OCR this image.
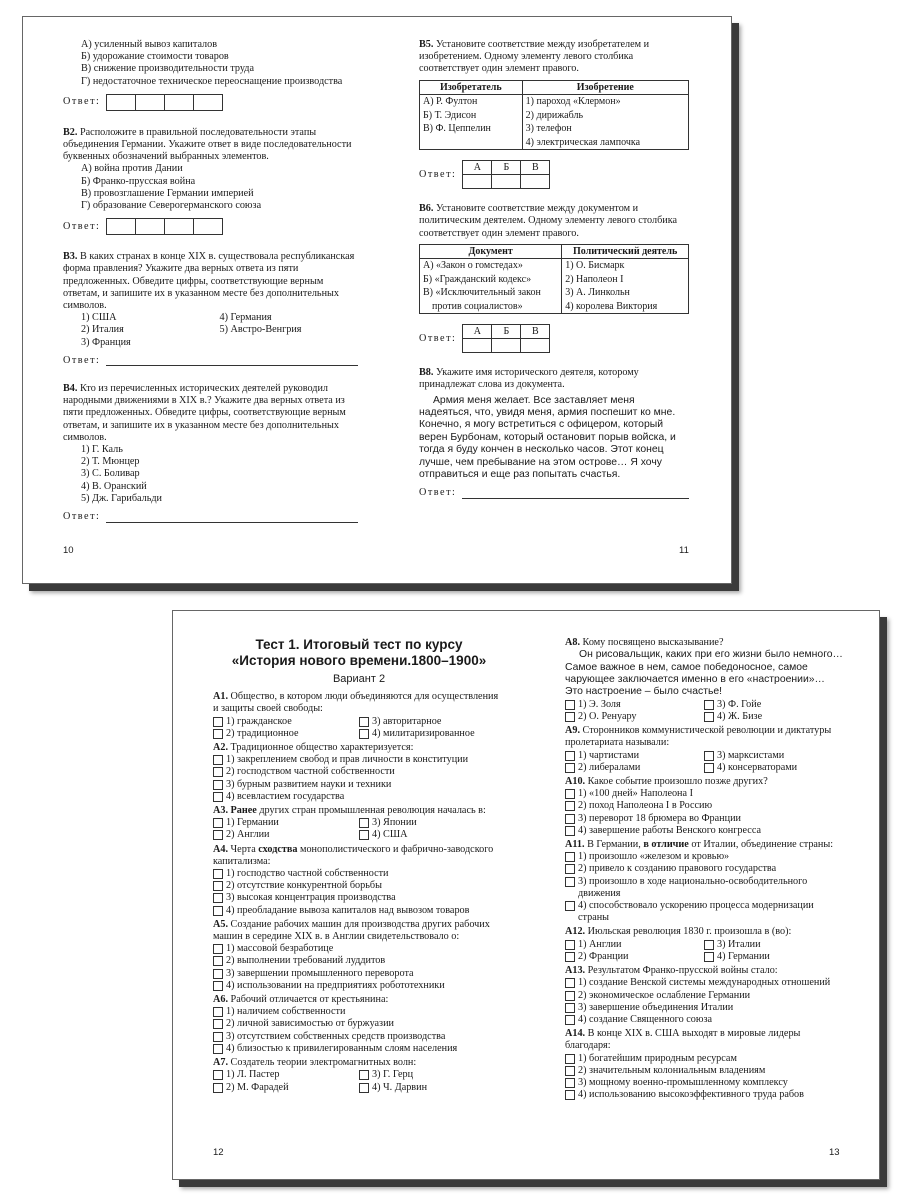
А) усиленный вывоз капиталов

Б) удорожание стоимости товаров

В) снижение производительности труда

Г) недостаточное техническое переоснащение производства

Ответ:

В2. Расположите в правильной последовательности этапы объединения Германии. Укажите ответ в виде последовательности буквенных обозначений выбранных элементов.

А) война против Дании

Б) Франко-прусская война

В) провозглашение Германии империей

Г) образование Северогерманского союза

Ответ:

В3. В каких странах в конце XIX в. существовала республиканская форма правления? Укажите два верных ответа из пяти предложенных. Обведите цифры, соответствующие верным ответам, и запишите их в указанном месте без дополнительных символов.

1) США	4) Германия
2) Италия	5) Австро-Венгрия
3) Франция
Ответ:

В4. Кто из перечисленных исторических деятелей руководил народными движениями в XIX в.? Укажите два верных ответа из пяти предложенных. Обведите цифры, соответствующие верным ответам, и запишите их в указанном месте без дополнительных символов.

1) Г. Каль

2) Т. Мюнцер

3) С. Боливар

4) В. Оранский

5) Дж. Гарибальди

Ответ:
10

В5. Установите соответствие между изобретателем и изобретением. Одному элементу левого столбика соответствует один элемент правого.

Изобретатель	Изобретение
А) Р. Фултон	1) пароход «Клермон»
Б) Т. Эдисон	2) дирижабль
В) Ф. Цеппелин	3) телефон
	4) электрическая лампочка
Ответ:
А	Б	В

В6. Установите соответствие между документом и политическим деятелем. Одному элементу левого столбика соответствует один элемент правого.

Документ	Политический деятель
А) «Закон о гомстедах»	1) О. Бисмарк
Б) «Гражданский кодекс»	2) Наполеон I
В) «Исключительный закон	3) А. Линкольн
против социалистов»	4) королева Виктория
Ответ:
А	Б	В

В8. Укажите имя исторического деятеля, которому принадлежат слова из документа.

Армия меня желает. Все заставляет меня надеяться, что, увидя меня, армия поспешит ко мне. Конечно, я могу встретиться с офицером, который верен Бурбонам, который остановит порыв войска, и тогда я буду кончен в несколько часов. Этот конец лучше, чем пребывание на этом острове… Я хочу отправиться и еще раз попытать счастья.

Ответ:
11
Тест 1. Итоговый тест по курсу
«История нового времени.1800–1900»
Вариант 2

А1. Общество, в котором люди объединяются для осуществления и защиты своей свободы:

1) гражданское	3) авторитарное
2) традиционное	4) милитаризированное

А2. Традиционное общество характеризуется:

1) закреплением свобод и прав личности в конституции
2) господством частной собственности
3) бурным развитием науки и техники
4) всевластием государства

А3. Ранее других стран промышленная революция началась в:

1) Германии	3) Японии
2) Англии	4) США

А4. Черта сходства монополистического и фабрично-заводского капитализма:

1) господство частной собственности
2) отсутствие конкурентной борьбы
3) высокая концентрация производства
4) преобладание вывоза капиталов над вывозом товаров

А5. Создание рабочих машин для производства других рабочих машин в середине XIX в. в Англии свидетельствовало о:

1) массовой безработице
2) выполнении требований луддитов
3) завершении промышленного переворота
4) использовании на предприятиях робототехники

А6. Рабочий отличается от крестьянина:

1) наличием собственности
2) личной зависимостью от буржуазии
3) отсутствием собственных средств производства
4) близостью к привилегированным слоям населения

А7. Создатель теории электромагнитных волн:

1) Л. Пастер	3) Г. Герц
2) М. Фарадей	4) Ч. Дарвин
12

А8. Кому посвящено высказывание?

Он рисовальщик, каких при его жизни было немного… Самое важное в нем, самое победоносное, самое чарующее заключается именно в его «настроении»… Это настроение – было счастье!

1) Э. Золя	3) Ф. Гойе
2) О. Ренуару	4) Ж. Бизе

А9. Сторонников коммунистической революции и диктатуры пролетариата называли:

1) чартистами	3) марксистами
2) либералами	4) консерваторами

А10. Какое событие произошло позже других?

1) «100 дней» Наполеона I
2) поход Наполеона I в Россию
3) переворот 18 брюмера во Франции
4) завершение работы Венского конгресса

А11. В Германии, в отличие от Италии, объединение страны:

1) произошло «железом и кровью»
2) привело к созданию правового государства
3) произошло в ходе национально-освободительного движения
4) способствовало ускорению процесса модернизации страны

А12. Июльская революция 1830 г. произошла в (во):

1) Англии	3) Италии
2) Франции	4) Германии

А13. Результатом Франко-прусской войны стало:

1) создание Венской системы международных отношений
2) экономическое ослабление Германии
3) завершение объединения Италии
4) создание Священного союза

А14. В конце XIX в. США выходят в мировые лидеры благодаря:

1) богатейшим природным ресурсам
2) значительным колониальным владениям
3) мощному военно-промышленному комплексу
4) использованию высокоэффективного труда рабов
13
